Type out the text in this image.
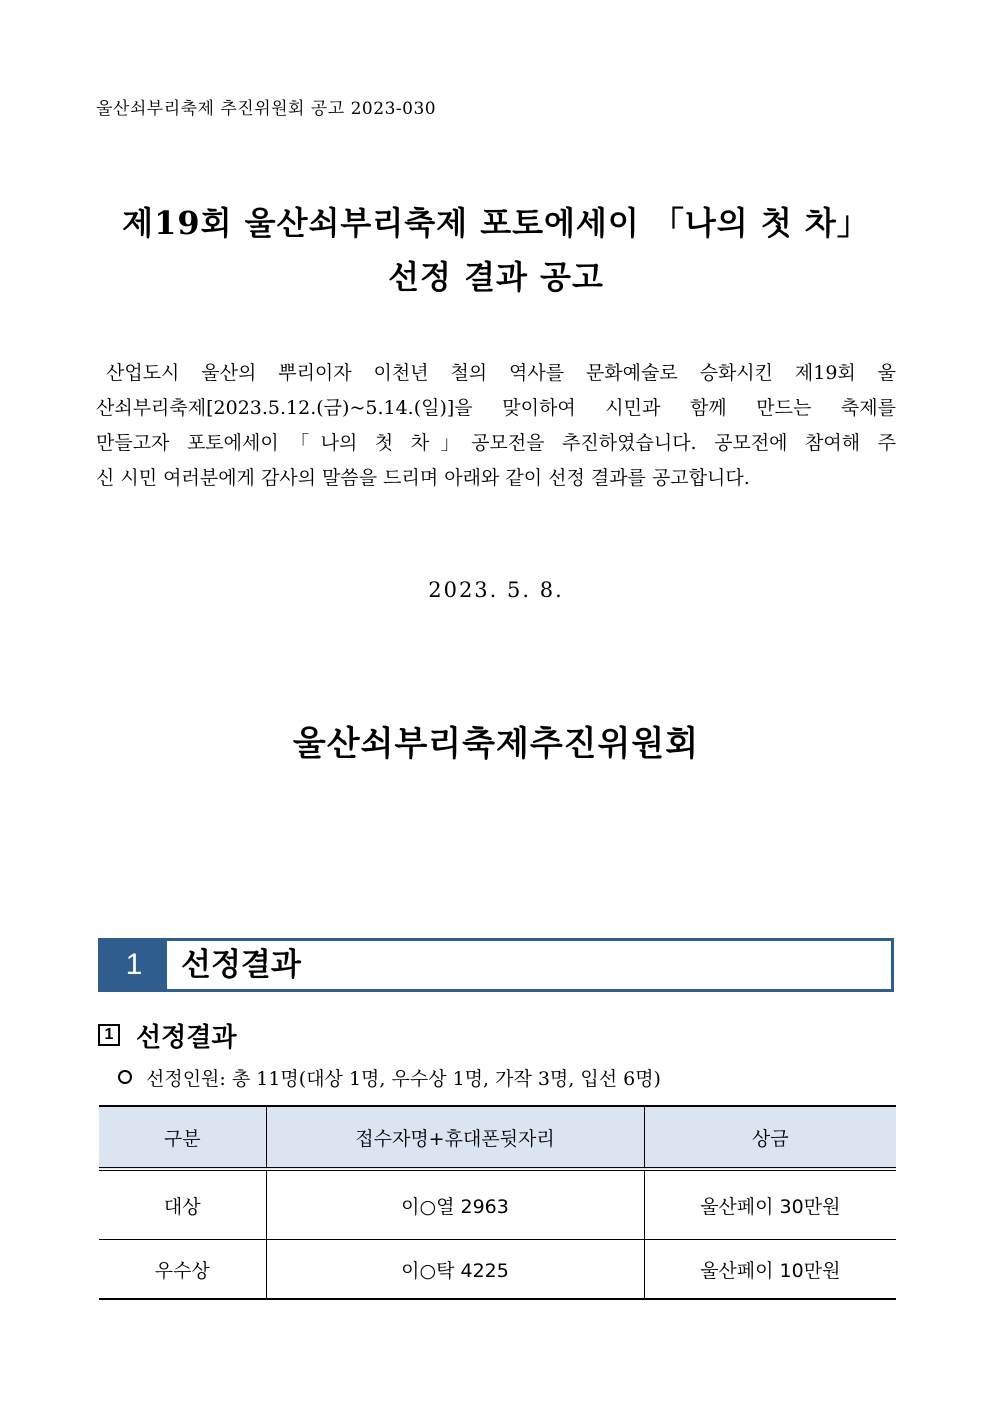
울산쇠부리축제 추진위원회 공고 2023-030
제19회 울산쇠부리축제 포토에세이 「나의 첫 차」
선정 결과 공고
산업도시 울산의 뿌리이자 이천년 철의 역사를 문화예술로 승화시킨 제19회 울
산쇠부리축제[2023.5.12.(금)~5.14.(일)]을 맞이하여 시민과 함께 만드는 축제를
만들고자 포토에세이「나의 첫 차」공모전을 추진하였습니다. 공모전에 참여해 주
신 시민 여러분에게 감사의 말씀을 드리며 아래와 같이 선정 결과를 공고합니다.
2023. 5. 8.
울산쇠부리축제추진위원회
1	선정결과
1 선정결과
선정인원: 총 11명(대상 1명, 우수상 1명, 가작 3명, 입선 6명)
구분	접수자명+휴대폰뒷자리	상금
대상	이○열 2963	울산페이 30만원
우수상	이○탁 4225	울산페이 10만원
